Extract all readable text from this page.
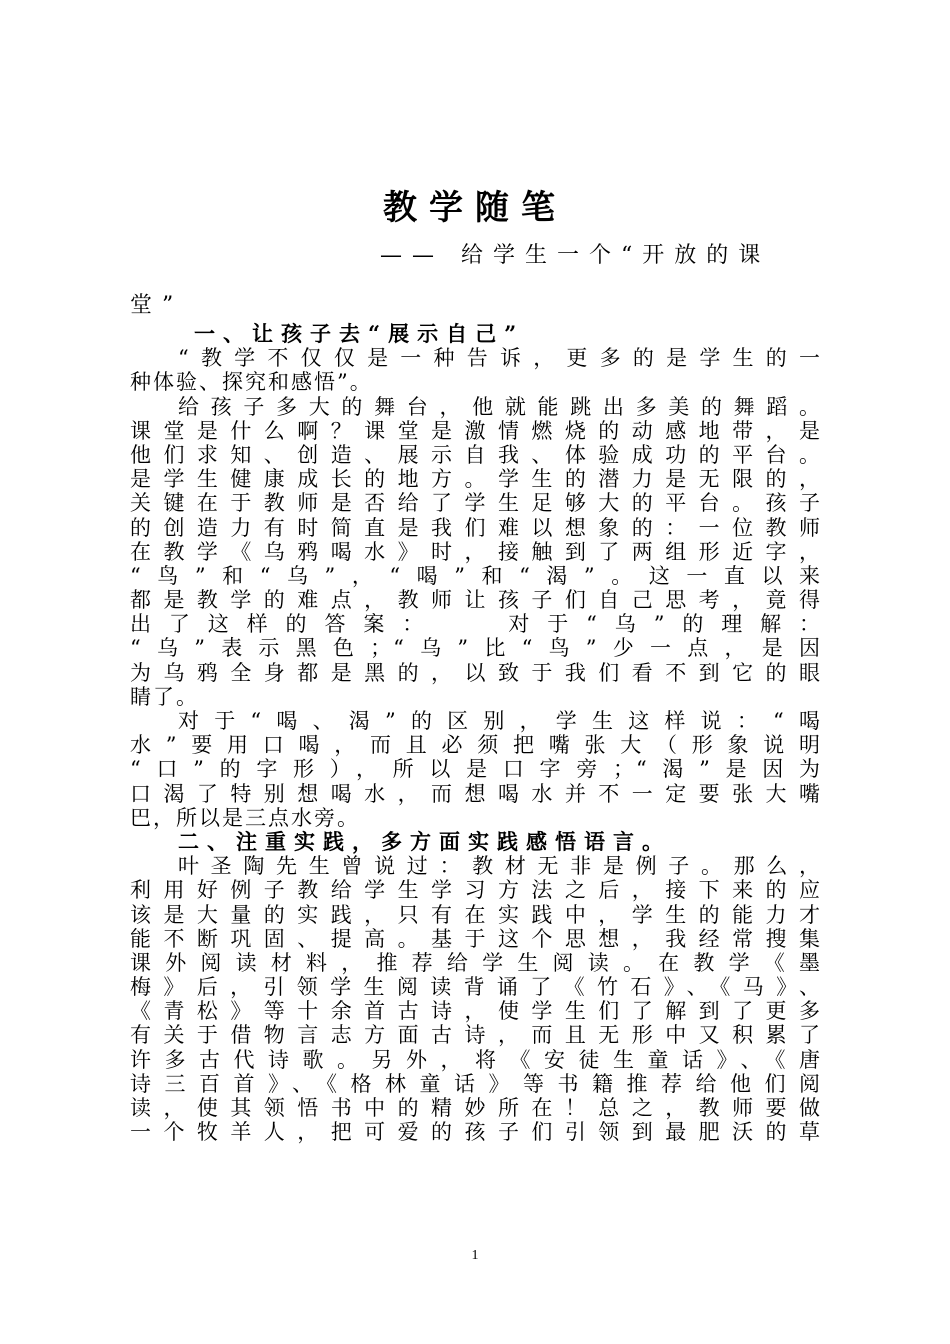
教学随笔
—— 给学生一个“开放的课
堂”
一、让孩子去“展示自己”
“教学不仅仅是一种告诉，更多的是学生的一
种体验、探究和感悟”。
给孩子多大的舞台，他就能跳出多美的舞蹈。
课堂是什么啊？课堂是激情燃烧的动感地带，是
他们求知、创造、展示自我、体验成功的平台。
是学生健康成长的地方。学生的潜力是无限的，
关键在于教师是否给了学生足够大的平台。孩子
的创造力有时简直是我们难以想象的：一位教师
在教学《乌鸦喝水》时，接触到了两组形近字，
“鸟”和“乌”，“喝”和“渴”。这一直以来
都是教学的难点，教师让孩子们自己思考，竟得
出了这样的答案：　　对于“乌”的理解：
“乌”表示黑色；“乌”比“鸟”少一点，是因
为乌鸦全身都是黑的，以致于我们看不到它的眼
睛了。
对于“喝、渴”的区别，学生这样说：“喝
水”要用口喝，而且必须把嘴张大（形象说明
“口”的字形），所以是口字旁；“渴”是因为
口渴了特别想喝水，而想喝水并不一定要张大嘴
巴，所以是三点水旁。
二、注重实践，多方面实践感悟语言。
叶圣陶先生曾说过：教材无非是例子。那么，
利用好例子教给学生学习方法之后，接下来的应
该是大量的实践，只有在实践中，学生的能力才
能不断巩固、提高。基于这个思想，我经常搜集
课外阅读材料，推荐给学生阅读。在教学《墨
梅》后，引领学生阅读背诵了《竹石》、《马》、
《青松》等十余首古诗，使学生们了解到了更多
有关于借物言志方面古诗，而且无形中又积累了
许多古代诗歌。另外，将《安徒生童话》、《唐
诗三百首》、《格林童话》等书籍推荐给他们阅
读，使其领悟书中的精妙所在！总之，教师要做
一个牧羊人，把可爱的孩子们引领到最肥沃的草
1
